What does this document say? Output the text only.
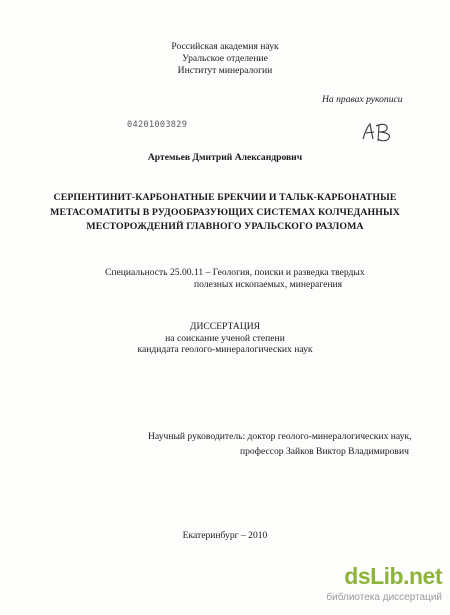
Российская академия наук
Уральское отделение
Институт минералогии
На правах рукописи
04201003829
Артемьев Дмитрий Александрович
СЕРПЕНТИНИТ-КАРБОНАТНЫЕ БРЕКЧИИ И ТАЛЬК-КАРБОНАТНЫЕ
МЕТАСОМАТИТЫ В РУДООБРАЗУЮЩИХ СИСТЕМАХ КОЛЧЕДАННЫХ
МЕСТОРОЖДЕНИЙ ГЛАВНОГО УРАЛЬСКОГО РАЗЛОМА
Специальность 25.00.11 – Геология, поиски и разведка твердых
полезных ископаемых, минерагения
ДИССЕРТАЦИЯ
на соискание ученой степени
кандидата геолого-минералогических наук
Научный руководитель: доктор геолого-минералогических наук,
профессор Зайков Виктор Владимирович
Екатеринбург – 2010
dsLib.net
библиотека диссертаций
